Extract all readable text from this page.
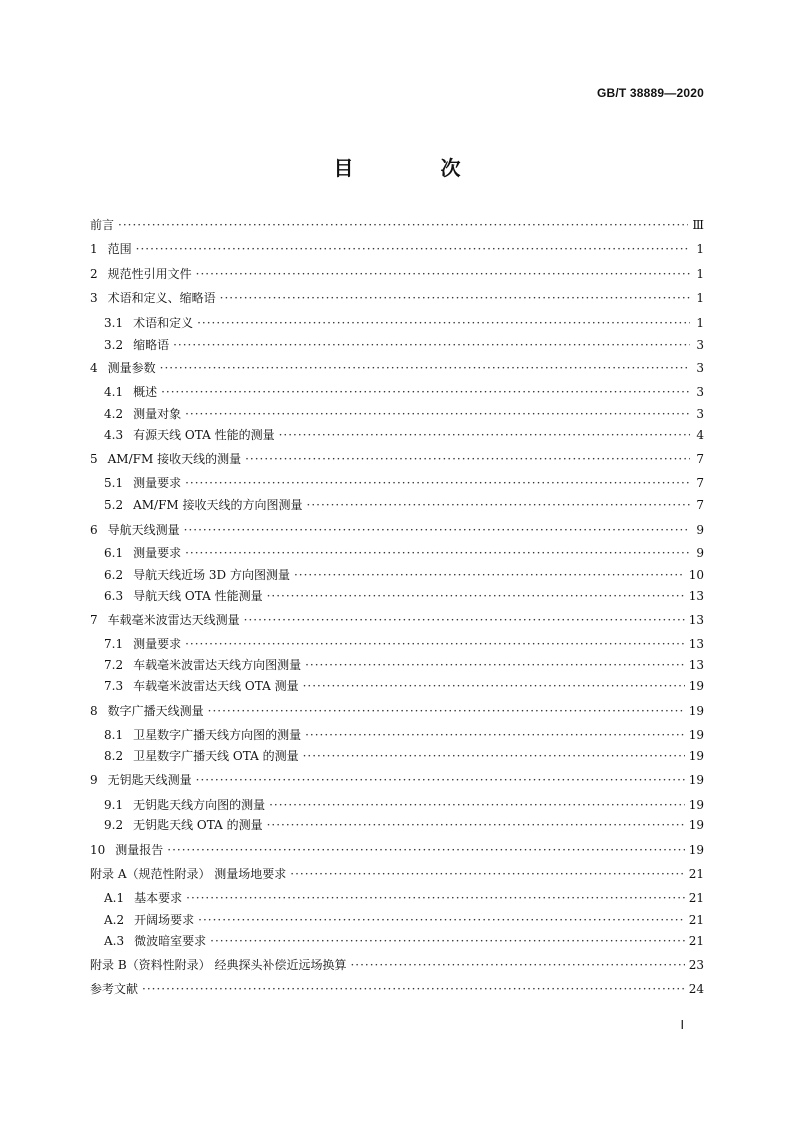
GB/T 38889—2020
目 次
前言 ·····	Ⅲ
1 范围 ·····	1
2 规范性引用文件 ·····	1
3 术语和定义、缩略语 ·····	1
3.1 术语和定义 ·····	1
3.2 缩略语 ·····	3
4 测量参数 ·····	3
4.1 概述 ·····	3
4.2 测量对象 ·····	3
4.3 有源天线 OTA 性能的测量 ·····	4
5 AM/FM 接收天线的测量 ·····	7
5.1 测量要求 ·····	7
5.2 AM/FM 接收天线的方向图测量 ·····	7
6 导航天线测量 ·····	9
6.1 测量要求 ·····	9
6.2 导航天线近场 3D 方向图测量 ·····	10
6.3 导航天线 OTA 性能测量 ·····	13
7 车载毫米波雷达天线测量 ·····	13
7.1 测量要求 ·····	13
7.2 车载毫米波雷达天线方向图测量 ·····	13
7.3 车载毫米波雷达天线 OTA 测量 ·····	19
8 数字广播天线测量 ·····	19
8.1 卫星数字广播天线方向图的测量 ·····	19
8.2 卫星数字广播天线 OTA 的测量 ·····	19
9 无钥匙天线测量 ·····	19
9.1 无钥匙天线方向图的测量 ·····	19
9.2 无钥匙天线 OTA 的测量 ·····	19
10 测量报告 ·····	19
附录 A（规范性附录） 测量场地要求 ·····	21
A.1 基本要求 ·····	21
A.2 开阔场要求 ·····	21
A.3 微波暗室要求 ·····	21
附录 B（资料性附录） 经典探头补偿近远场换算 ·····	23
参考文献 ·····	24
Ⅰ
